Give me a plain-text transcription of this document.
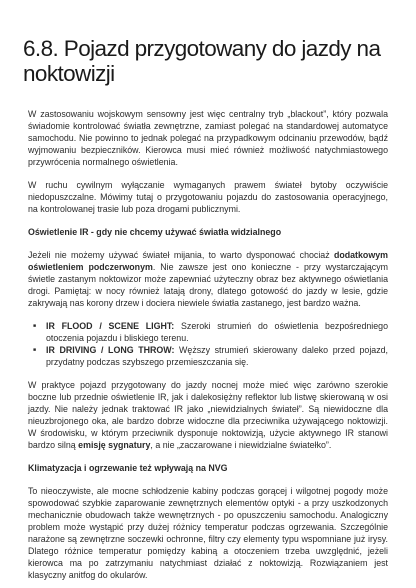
6.8. Pojazd przygotowany do jazdy na noktowizji

W zastosowaniu wojskowym sensowny jest więc centralny tryb „blackout”, który pozwala świadomie kontrolować światła zewnętrzne, zamiast polegać na standardowej automatyce samochodu. Nie powinno to jednak polegać na przypadkowym odcinaniu przewodów, bądź wyjmowaniu bezpieczników. Kierowca musi mieć również możliwość natychmiastowego przywrócenia normalnego oświetlenia.

W ruchu cywilnym wyłączanie wymaganych prawem świateł bytoby oczywiście niedopuszczalne. Mówimy tutaj o przygotowaniu pojazdu do zastosowania operacyjnego, na kontrolowanej trasie lub poza drogami publicznymi.

Oświetlenie IR - gdy nie chcemy używać światła widzialnego

Jeżeli nie możemy używać świateł mijania, to warto dysponować chociaż dodatkowym oświetleniem podczerwonym. Nie zawsze jest ono konieczne - przy wystarczającym świetle zastanym noktowizor może zapewniać użyteczny obraz bez aktywnego oświetlania drogi. Pamiętaj: w nocy również latają drony, dlatego gotowość do jazdy w lesie, gdzie zakrywają nas korony drzew i dociera niewiele światła zastanego, jest bardzo ważna.

■ IR FLOOD / SCENE LIGHT: Szeroki strumień do oświetlenia bezpośredniego otoczenia pojazdu i bliskiego terenu.
■ IR DRIVING / LONG THROW: Węższy strumień skierowany daleko przed pojazd, przydatny podczas szybszego przemieszczania się.

W praktyce pojazd przygotowany do jazdy nocnej może mieć więc zarówno szerokie boczne lub przednie oświetlenie IR, jak i dalekosiężny reflektor lub listwę skierowaną w osi jazdy. Nie należy jednak traktować IR jako „niewidzialnych świateł”. Są niewidoczne dla nieuzbrojonego oka, ale bardzo dobrze widoczne dla przeciwnika używającego noktowizji. W środowisku, w którym przeciwnik dysponuje noktowizją, użycie aktywnego IR stanowi bardzo silną emisję sygnatury, a nie „zaczarowane i niewidzialne światełko”.

Klimatyzacja i ogrzewanie też wpływają na NVG

To nieoczywiste, ale mocne schłodzenie kabiny podczas gorącej i wilgotnej pogody może spowodować szybkie zaparowanie zewnętrznych elementów optyki - a przy uszkodzonych mechanicznie obudowach także wewnętrznych - po opuszczeniu samochodu. Analogiczny problem może wystąpić przy dużej różnicy temperatur podczas ogrzewania. Szczególnie narażone są zewnętrzne soczewki ochronne, filtry czy elementy typu wspomniane już irysy. Dlatego różnice temperatur pomiędzy kabiną a otoczeniem trzeba uwzględnić, jeżeli kierowca ma po zatrzymaniu natychmiast działać z noktowizją. Rozwiązaniem jest klasyczny anitfog do okularów.
